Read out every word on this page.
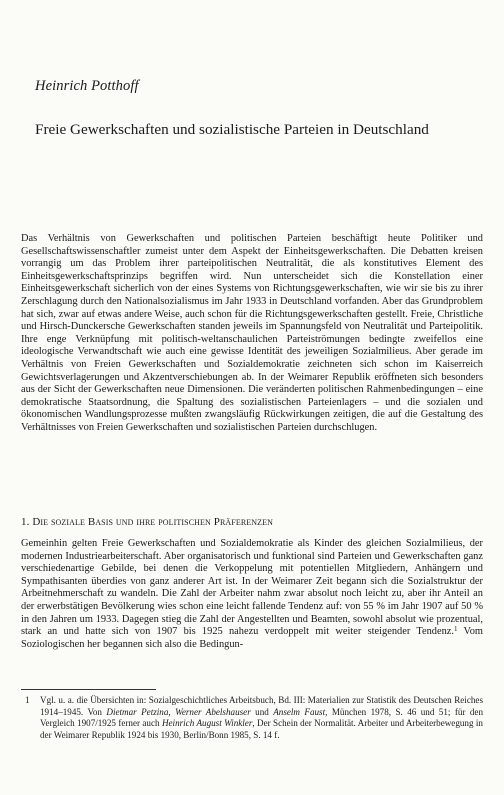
Heinrich Potthoff
Freie Gewerkschaften und sozialistische Parteien in Deutschland

Das Verhältnis von Gewerkschaften und politischen Parteien beschäftigt heute Politiker und Gesellschaftswissenschaftler zumeist unter dem Aspekt der Einheitsgewerkschaften. Die Debatten kreisen vorrangig um das Problem ihrer parteipolitischen Neutralität, die als konstitutives Element des Einheitsgewerkschaftsprinzips begriffen wird. Nun unterscheidet sich die Konstellation einer Einheitsgewerkschaft sicherlich von der eines Systems von Richtungsgewerkschaften, wie wir sie bis zu ihrer Zerschlagung durch den Nationalsozialismus im Jahr 1933 in Deutschland vorfanden. Aber das Grundproblem hat sich, zwar auf etwas andere Weise, auch schon für die Richtungsgewerkschaften gestellt. Freie, Christliche und Hirsch-Dunckersche Gewerkschaften standen jeweils im Spannungsfeld von Neutralität und Parteipolitik. Ihre enge Verknüpfung mit politisch-weltanschaulichen Parteiströmungen bedingte zweifellos eine ideologische Verwandtschaft wie auch eine gewisse Identität des jeweiligen Sozialmilieus. Aber gerade im Verhältnis von Freien Gewerkschaften und Sozialdemokratie zeichneten sich schon im Kaiserreich Gewichtsverlagerungen und Akzentverschiebungen ab. In der Weimarer Republik eröffneten sich besonders aus der Sicht der Gewerkschaften neue Dimensionen. Die veränderten politischen Rahmenbedingungen – eine demokratische Staatsordnung, die Spaltung des sozialistischen Parteienlagers – und die sozialen und ökonomischen Wandlungsprozesse mußten zwangsläufig Rückwirkungen zeitigen, die auf die Gestaltung des Verhältnisses von Freien Gewerkschaften und sozialistischen Parteien durchschlugen.

1. Die soziale Basis und ihre politischen Präferenzen

Gemeinhin gelten Freie Gewerkschaften und Sozialdemokratie als Kinder des gleichen Sozialmilieus, der modernen Industriearbeiterschaft. Aber organisatorisch und funktional sind Parteien und Gewerkschaften ganz verschiedenartige Gebilde, bei denen die Verkoppelung mit potentiellen Mitgliedern, Anhängern und Sympathisanten überdies von ganz anderer Art ist. In der Weimarer Zeit begann sich die Sozialstruktur der Arbeitnehmerschaft zu wandeln. Die Zahl der Arbeiter nahm zwar absolut noch leicht zu, aber ihr Anteil an der erwerbstätigen Bevölkerung wies schon eine leicht fallende Tendenz auf: von 55 % im Jahr 1907 auf 50 % in den Jahren um 1933. Dagegen stieg die Zahl der Angestellten und Beamten, sowohl absolut wie prozentual, stark an und hatte sich von 1907 bis 1925 nahezu verdoppelt mit weiter steigender Tendenz.$^1$ Vom Soziologischen her begannen sich also die Bedingun-

1 Vgl. u. a. die Übersichten in: Sozialgeschichtliches Arbeitsbuch, Bd. III: Materialien zur Statistik des Deutschen Reiches 1914–1945. Von Dietmar Petzina, Werner Abelshauser und Anselm Faust, München 1978, S. 46 und 51; für den Vergleich 1907/1925 ferner auch Heinrich August Winkler, Der Schein der Normalität. Arbeiter und Arbeiterbewegung in der Weimarer Republik 1924 bis 1930, Berlin/Bonn 1985, S. 14 f.
